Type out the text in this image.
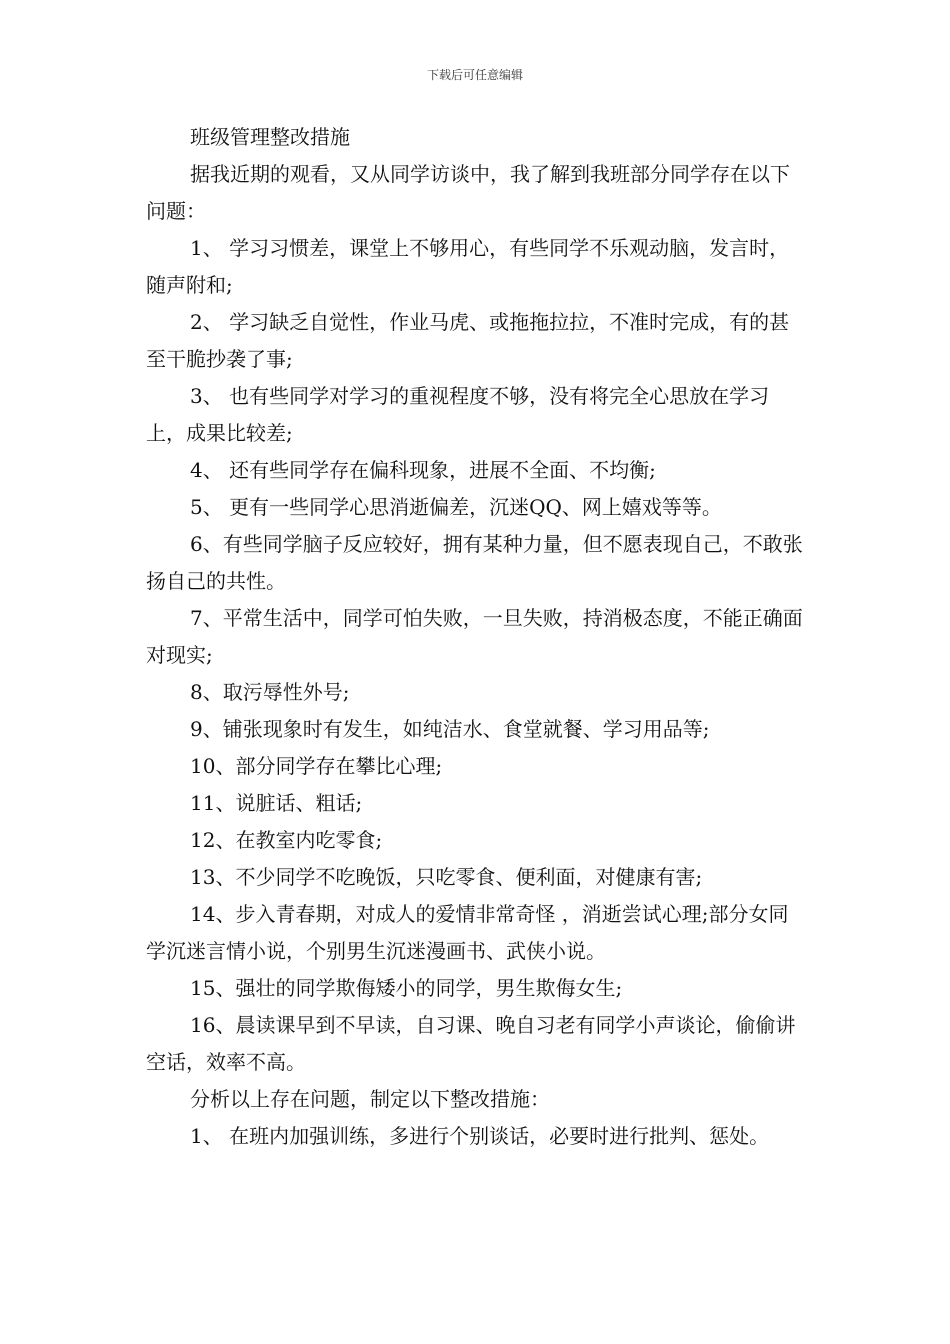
下载后可任意编辑

班级管理整改措施

据我近期的观看，又从同学访谈中，我了解到我班部分同学存在以下问题：

1、 学习习惯差，课堂上不够用心，有些同学不乐观动脑，发言时，随声附和;

2、 学习缺乏自觉性，作业马虎、或拖拖拉拉，不准时完成，有的甚至干脆抄袭了事;

3、 也有些同学对学习的重视程度不够，没有将完全心思放在学习上，成果比较差;

4、 还有些同学存在偏科现象，进展不全面、不均衡;

5、 更有一些同学心思消逝偏差，沉迷QQ、网上嬉戏等等。

6、有些同学脑子反应较好，拥有某种力量，但不愿表现自己，不敢张扬自己的共性。

7、平常生活中，同学可怕失败，一旦失败，持消极态度，不能正确面对现实;

8、取污辱性外号;

9、铺张现象时有发生，如纯洁水、食堂就餐、学习用品等;

10、部分同学存在攀比心理;

11、说脏话、粗话;

12、在教室内吃零食;

13、不少同学不吃晚饭，只吃零食、便利面，对健康有害;

14、步入青春期，对成人的爱情非常奇怪 ，消逝尝试心理;部分女同学沉迷言情小说，个别男生沉迷漫画书、武侠小说。

15、强壮的同学欺侮矮小的同学，男生欺侮女生;

16、晨读课早到不早读，自习课、晚自习老有同学小声谈论，偷偷讲空话，效率不高。

分析以上存在问题，制定以下整改措施：

1、 在班内加强训练，多进行个别谈话，必要时进行批判、惩处。
